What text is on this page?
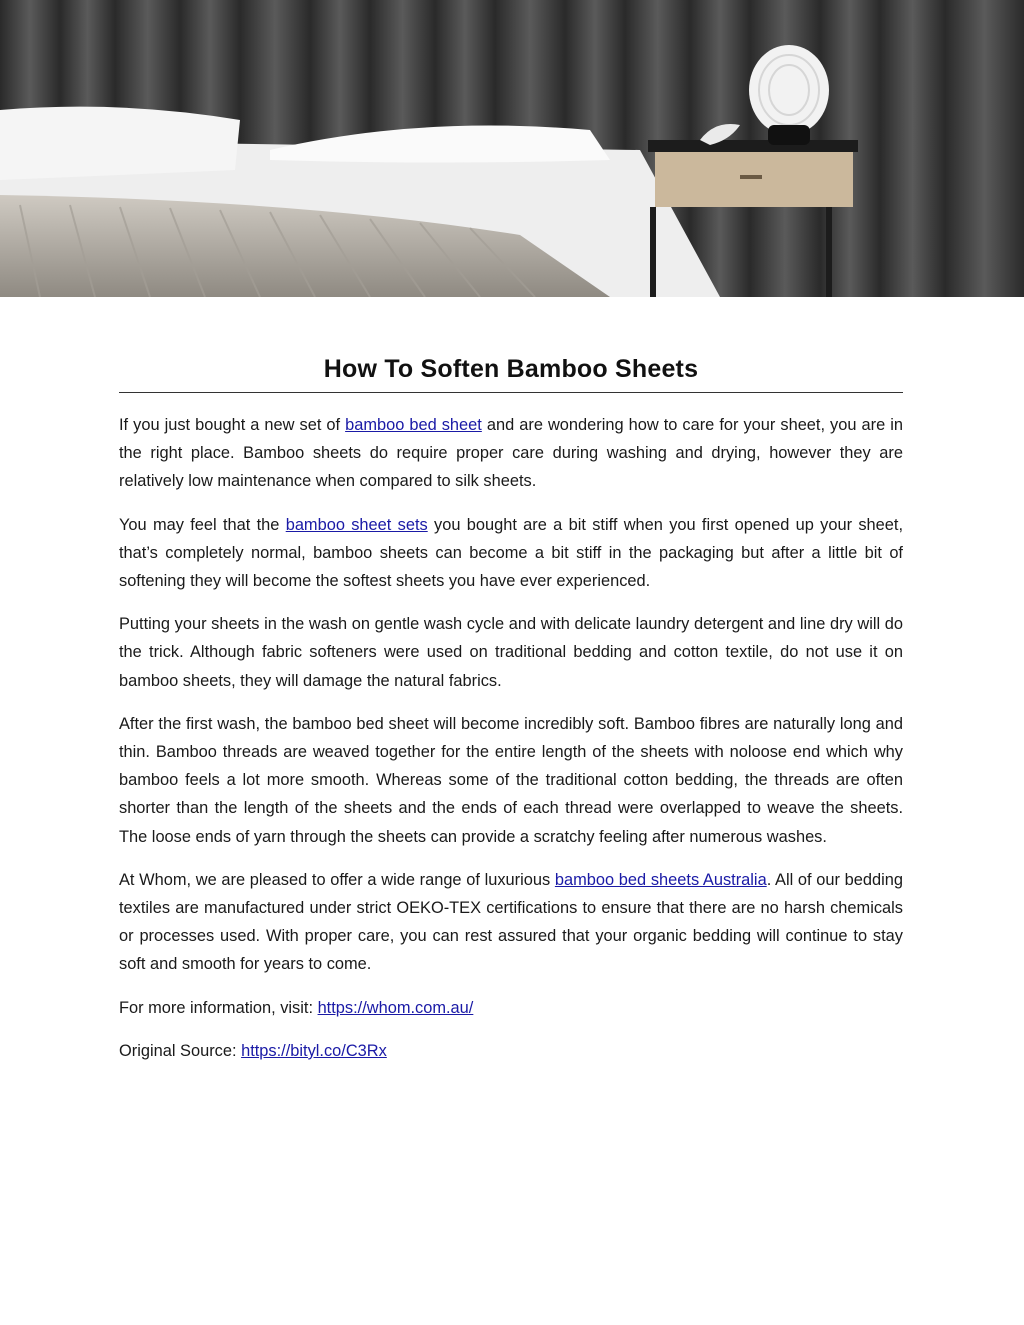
How To Soften Bamboo Sheets

If you just bought a new set of bamboo bed sheet and are wondering how to care for your sheet, you are in the right place. Bamboo sheets do require proper care during washing and drying, however they are relatively low maintenance when compared to silk sheets.

You may feel that the bamboo sheet sets you bought are a bit stiff when you first opened up your sheet, that’s completely normal, bamboo sheets can become a bit stiff in the packaging but after a little bit of softening they will become the softest sheets you have ever experienced.

Putting your sheets in the wash on gentle wash cycle and with delicate laundry detergent and line dry will do the trick. Although fabric softeners were used on traditional bedding and cotton textile, do not use it on bamboo sheets, they will damage the natural fabrics.

After the first wash, the bamboo bed sheet will become incredibly soft. Bamboo fibres are naturally long and thin. Bamboo threads are weaved together for the entire length of the sheets with noloose end which why bamboo feels a lot more smooth. Whereas some of the traditional cotton bedding, the threads are often shorter than the length of the sheets and the ends of each thread were overlapped to weave the sheets. The loose ends of yarn through the sheets can provide a scratchy feeling after numerous washes.

At Whom, we are pleased to offer a wide range of luxurious bamboo bed sheets Australia. All of our bedding textiles are manufactured under strict OEKO-TEX certifications to ensure that there are no harsh chemicals or processes used. With proper care, you can rest assured that your organic bedding will continue to stay soft and smooth for years to come.

For more information, visit: https://whom.com.au/

Original Source: https://bityl.co/C3Rx
